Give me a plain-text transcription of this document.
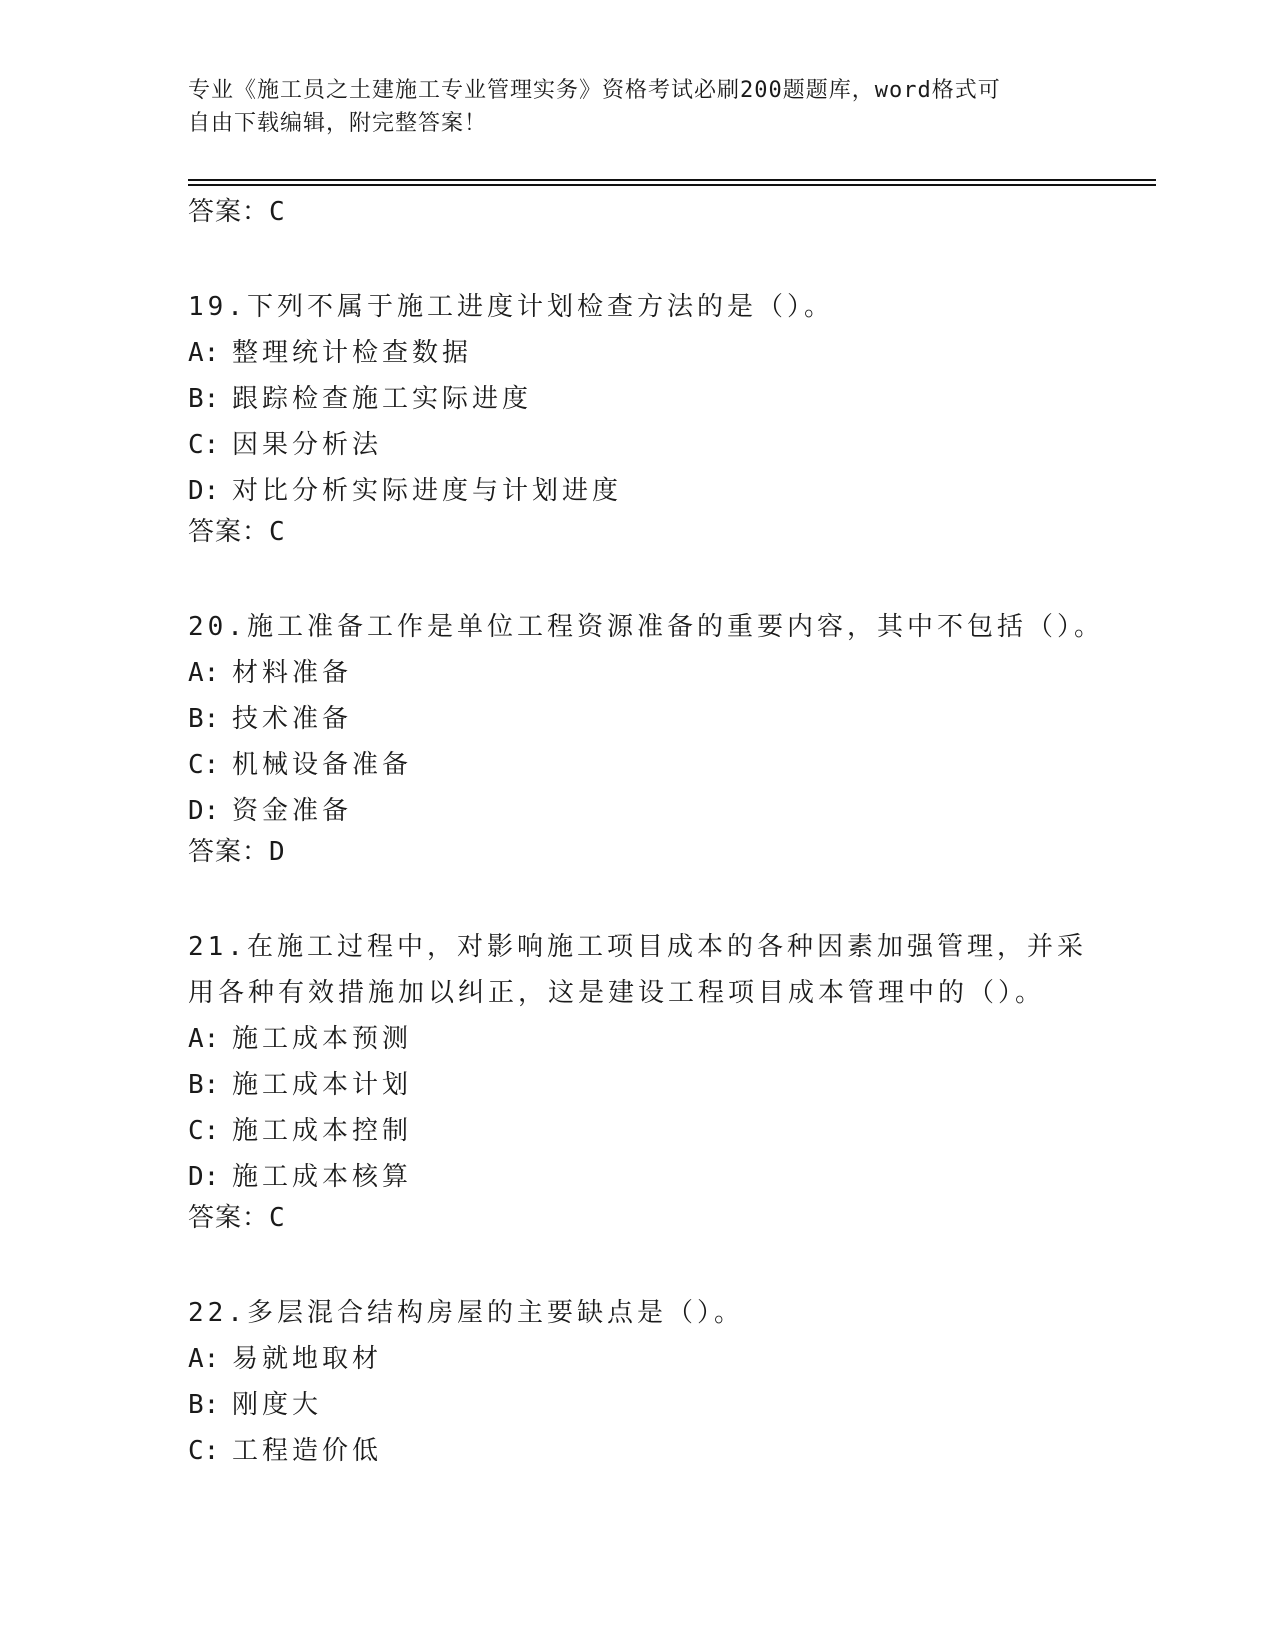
专业《施工员之土建施工专业管理实务》资格考试必刷200题题库，word格式可
自由下载编辑，附完整答案！
答案：C
19.下列不属于施工进度计划检查方法的是（）。
A: 整理统计检查数据
B: 跟踪检查施工实际进度
C: 因果分析法
D: 对比分析实际进度与计划进度
答案：C
20.施工准备工作是单位工程资源准备的重要内容，其中不包括（）。
A: 材料准备
B: 技术准备
C: 机械设备准备
D: 资金准备
答案：D
21.在施工过程中，对影响施工项目成本的各种因素加强管理，并采用各种有效措施加以纠正，这是建设工程项目成本管理中的（）。
A: 施工成本预测
B: 施工成本计划
C: 施工成本控制
D: 施工成本核算
答案：C
22.多层混合结构房屋的主要缺点是（）。
A: 易就地取材
B: 刚度大
C: 工程造价低
